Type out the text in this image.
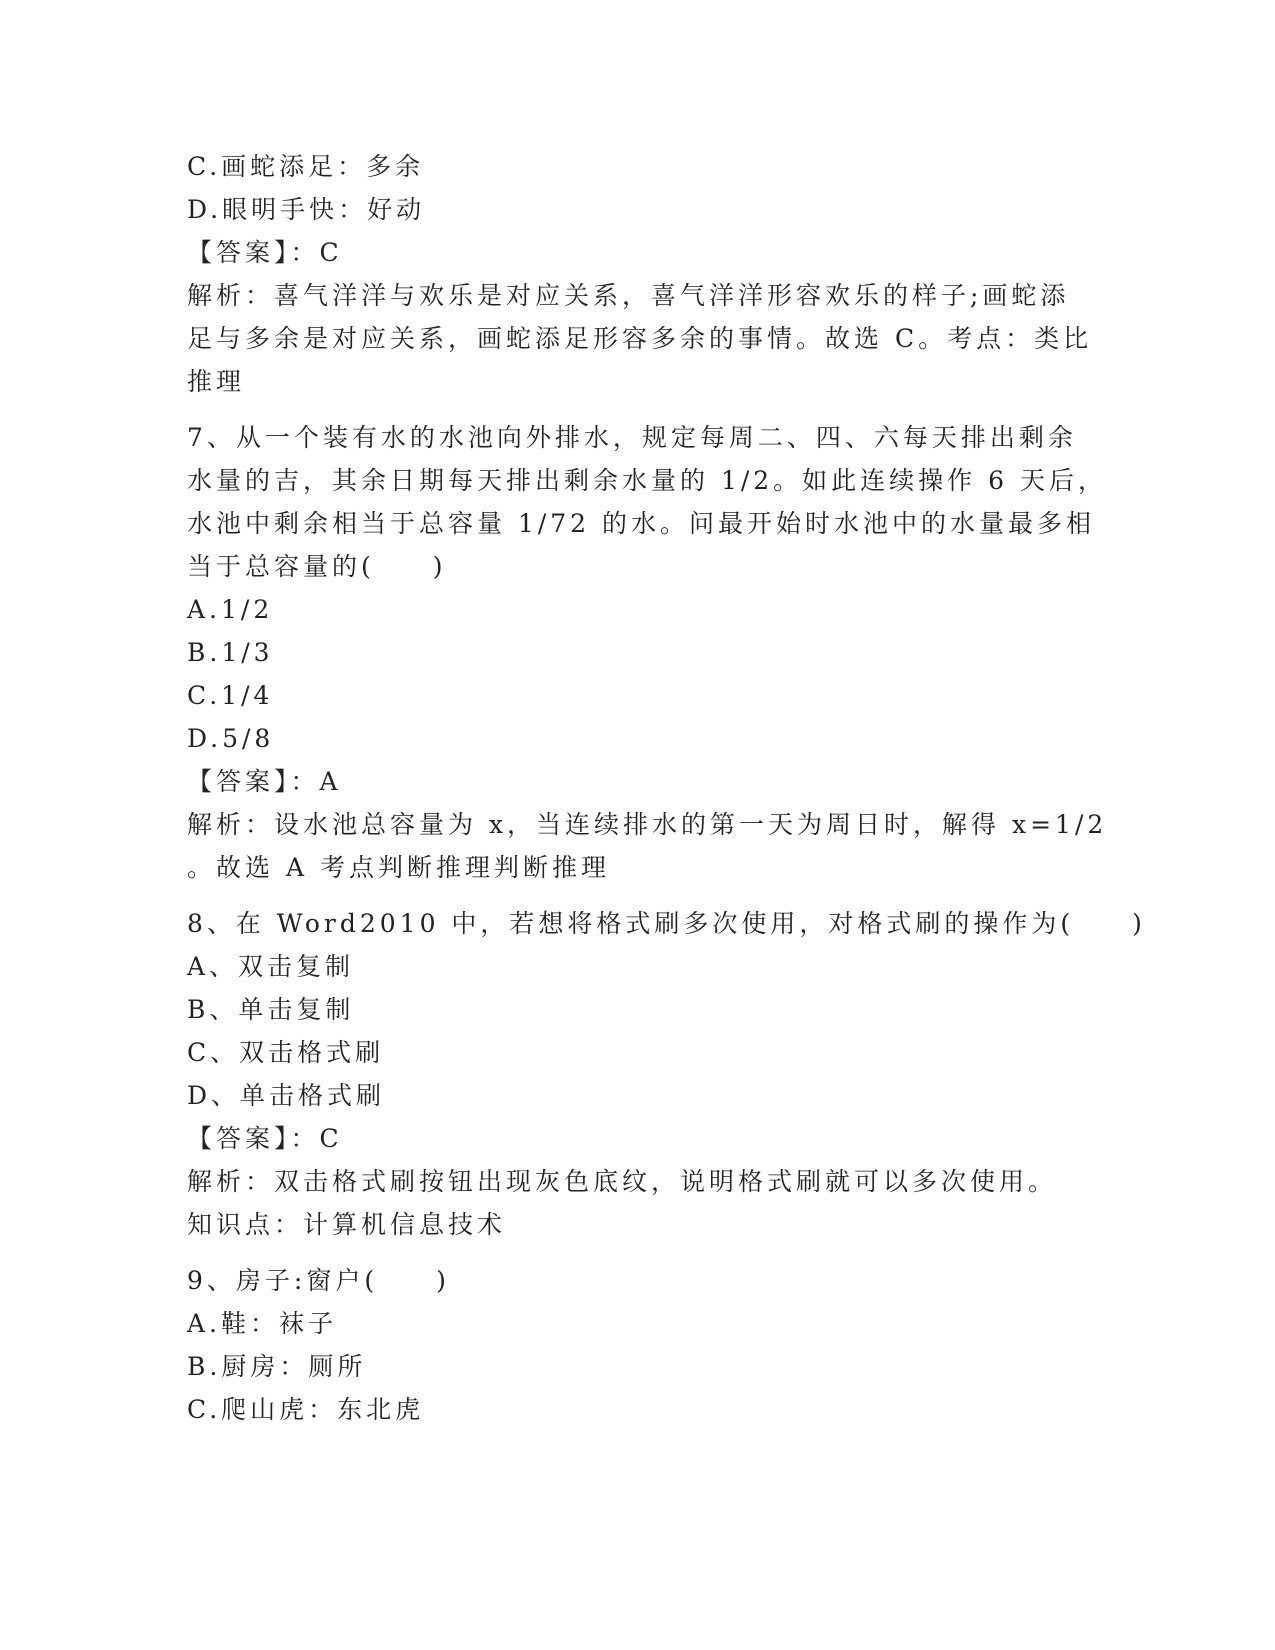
C.画蛇添足：多余
D.眼明手快：好动
【答案】：C
解析：喜气洋洋与欢乐是对应关系，喜气洋洋形容欢乐的样子;画蛇添
足与多余是对应关系，画蛇添足形容多余的事情。故选 C。考点：类比
推理
7、从一个装有水的水池向外排水，规定每周二、四、六每天排出剩余
水量的吉，其余日期每天排出剩余水量的 1/2。如此连续操作 6 天后，
水池中剩余相当于总容量 1/72 的水。问最开始时水池中的水量最多相
当于总容量的(　　)
A.1/2
B.1/3
C.1/4
D.5/8
【答案】：A
解析：设水池总容量为 x，当连续排水的第一天为周日时，解得 x=1/2
。故选 A 考点判断推理判断推理
8、在 Word2010 中，若想将格式刷多次使用，对格式刷的操作为(　　)
A、双击复制
B、单击复制
C、双击格式刷
D、单击格式刷
【答案】：C
解析：双击格式刷按钮出现灰色底纹，说明格式刷就可以多次使用。
知识点：计算机信息技术
9、房子:窗户(　　)
A.鞋：袜子
B.厨房：厕所
C.爬山虎：东北虎
